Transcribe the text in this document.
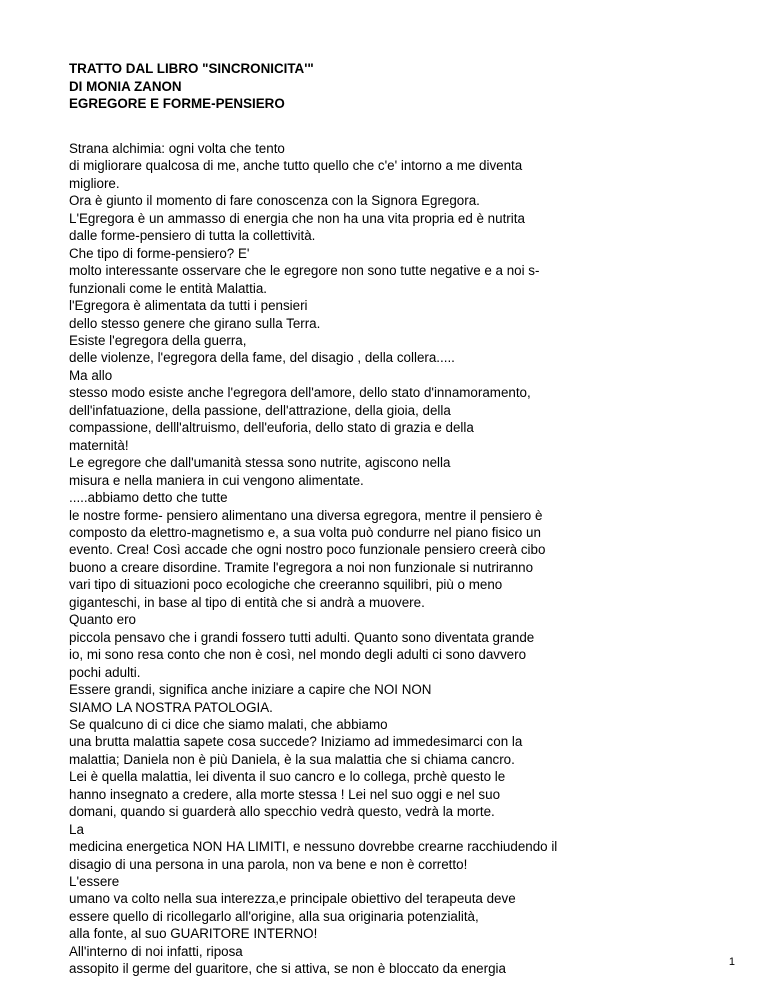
TRATTO DAL LIBRO "SINCRONICITA'"
DI MONIA ZANON
EGREGORE E FORME-PENSIERO
Strana alchimia: ogni volta che tento
di migliorare qualcosa di me, anche tutto quello che c'e' intorno a me diventa
migliore.
Ora è giunto il momento di fare conoscenza con la Signora Egregora.
L'Egregora è un ammasso di energia che non ha una vita propria ed è nutrita
dalle forme-pensiero di tutta la collettività.
Che tipo di forme-pensiero? E'
molto interessante osservare che le egregore non sono tutte negative e a noi s-
funzionali come le entità Malattia.
l'Egregora è alimentata da tutti i pensieri
dello stesso genere che girano sulla Terra.
Esiste l'egregora della guerra,
delle violenze, l'egregora della fame, del disagio , della collera.....
Ma allo
stesso modo esiste anche l'egregora dell'amore, dello stato d'innamoramento,
dell'infatuazione, della passione, dell'attrazione, della gioia, della
compassione, delll'altruismo, dell'euforia, dello stato di grazia e della
maternità!
Le egregore che dall'umanità stessa sono nutrite, agiscono nella
misura e nella maniera in cui vengono alimentate.
.....abbiamo detto che tutte
le nostre forme- pensiero alimentano una diversa egregora, mentre il pensiero è
composto da elettro-magnetismo e, a sua volta può condurre nel piano fisico un
evento. Crea! Così accade che ogni nostro poco funzionale pensiero creerà cibo
buono a creare disordine. Tramite l'egregora a noi non funzionale si nutriranno
vari tipo di situazioni poco ecologiche che creeranno squilibri, più o meno
giganteschi, in base al tipo di entità che si andrà a muovere.
Quanto ero
piccola pensavo che i grandi fossero tutti adulti. Quanto sono diventata grande
io, mi sono resa conto che non è così, nel mondo degli adulti ci sono davvero
pochi adulti.
Essere grandi, significa anche iniziare a capire che NOI NON
SIAMO LA NOSTRA PATOLOGIA.
Se qualcuno di ci dice che siamo malati, che abbiamo
una brutta malattia sapete cosa succede? Iniziamo ad immedesimarci con la
malattia; Daniela non è più Daniela, è la sua malattia che si chiama cancro.
Lei è quella malattia, lei diventa il suo cancro e lo collega, prchè questo le
hanno insegnato a credere, alla morte stessa ! Lei nel suo oggi e nel suo
domani, quando si guarderà allo specchio vedrà questo, vedrà la morte.
La
medicina energetica NON HA LIMITI, e nessuno dovrebbe crearne racchiudendo il
disagio di una persona in una parola, non va bene e non è corretto!
L'essere
umano va colto nella sua interezza,e principale obiettivo del terapeuta deve
essere quello di ricollegarlo all'origine, alla sua originaria potenzialità,
alla fonte, al suo GUARITORE INTERNO!
All'interno di noi infatti, riposa
assopito il germe del guaritore, che si attiva, se non è bloccato da energia	1
